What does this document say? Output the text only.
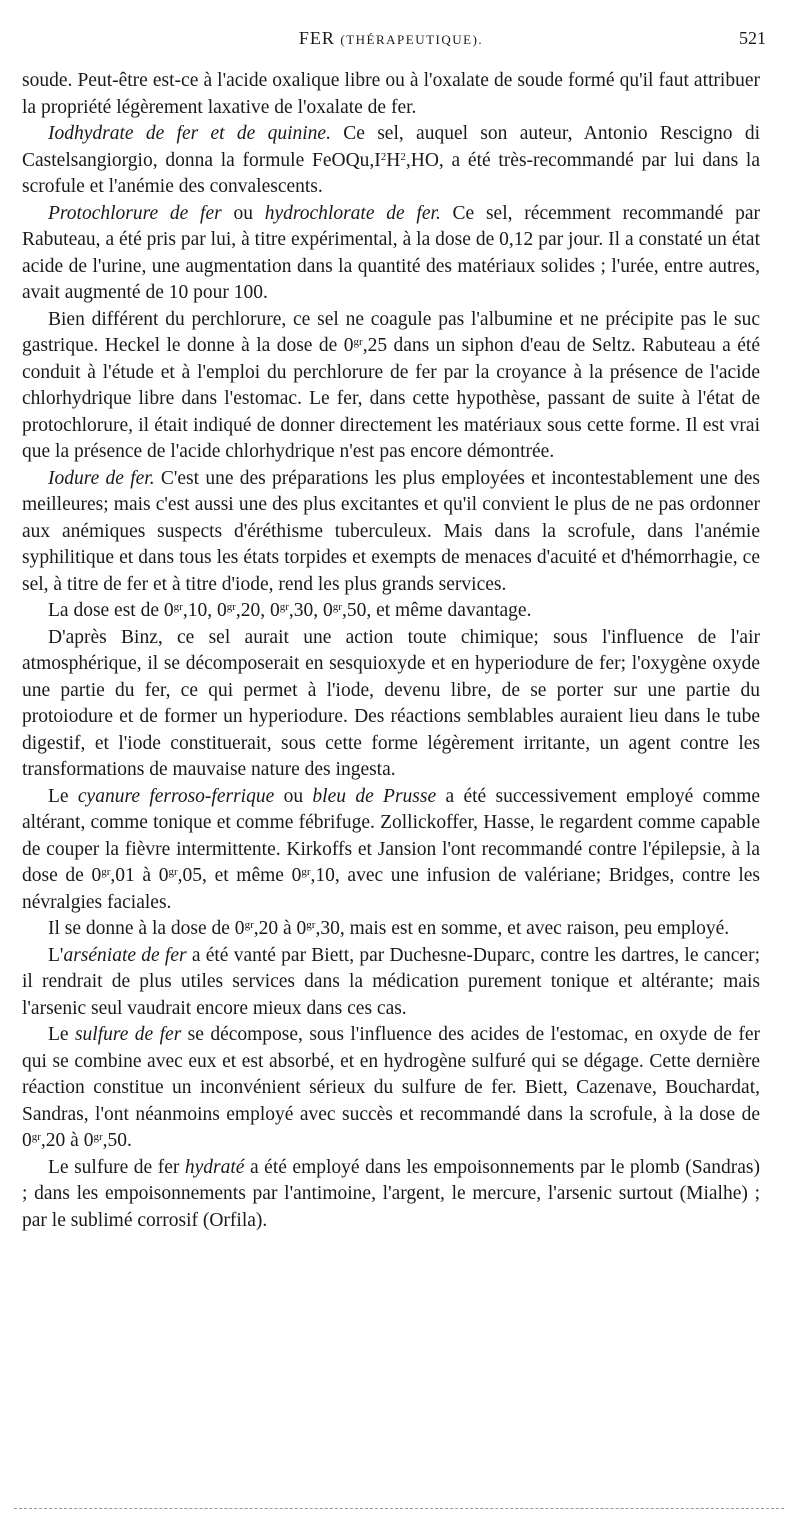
FER (THÉRAPEUTIQUE).	521

soude. Peut-être est-ce à l'acide oxalique libre ou à l'oxalate de soude formé qu'il faut attribuer la propriété légèrement laxative de l'oxalate de fer.

Iodhydrate de fer et de quinine. Ce sel, auquel son auteur, Antonio Rescigno di Castelsangiorgio, donna la formule $FeOQu,I^2H^2,HO$, a été très-recommandé par lui dans la scrofule et l'anémie des convalescents.

Protochlorure de fer ou hydrochlorate de fer. Ce sel, récemment recommandé par Rabuteau, a été pris par lui, à titre expérimental, à la dose de 0,12 par jour. Il a constaté un état acide de l'urine, une augmentation dans la quantité des matériaux solides ; l'urée, entre autres, avait augmenté de 10 pour 100.

Bien différent du perchlorure, ce sel ne coagule pas l'albumine et ne précipite pas le suc gastrique. Heckel le donne à la dose de $0^{gr},25$ dans un siphon d'eau de Seltz. Rabuteau a été conduit à l'étude et à l'emploi du perchlorure de fer par la croyance à la présence de l'acide chlorhydrique libre dans l'estomac. Le fer, dans cette hypothèse, passant de suite à l'état de protochlorure, il était indiqué de donner directement les matériaux sous cette forme. Il est vrai que la présence de l'acide chlorhydrique n'est pas encore démontrée.

Iodure de fer. C'est une des préparations les plus employées et incontestablement une des meilleures; mais c'est aussi une des plus excitantes et qu'il convient le plus de ne pas ordonner aux anémiques suspects d'éréthisme tuberculeux. Mais dans la scrofule, dans l'anémie syphilitique et dans tous les états torpides et exempts de menaces d'acuité et d'hémorrhagie, ce sel, à titre de fer et à titre d'iode, rend les plus grands services.

La dose est de $0^{gr},10$, $0^{gr},20$, $0^{gr},30$, $0^{gr},50$, et même davantage.

D'après Binz, ce sel aurait une action toute chimique; sous l'influence de l'air atmosphérique, il se décomposerait en sesquioxyde et en hyperiodure de fer; l'oxygène oxyde une partie du fer, ce qui permet à l'iode, devenu libre, de se porter sur une partie du protoiodure et de former un hyperiodure. Des réactions semblables auraient lieu dans le tube digestif, et l'iode constituerait, sous cette forme légèrement irritante, un agent contre les transformations de mauvaise nature des ingesta.

Le cyanure ferroso-ferrique ou bleu de Prusse a été successivement employé comme altérant, comme tonique et comme fébrifuge. Zollickoffer, Hasse, le regardent comme capable de couper la fièvre intermittente. Kirkoffs et Jansion l'ont recommandé contre l'épilepsie, à la dose de $0^{gr},01$ à $0^{gr},05$, et même $0^{gr},10$, avec une infusion de valériane; Bridges, contre les névralgies faciales.

Il se donne à la dose de $0^{gr},20$ à $0^{gr},30$, mais est en somme, et avec raison, peu employé.

L'arséniate de fer a été vanté par Biett, par Duchesne-Duparc, contre les dartres, le cancer; il rendrait de plus utiles services dans la médication purement tonique et altérante; mais l'arsenic seul vaudrait encore mieux dans ces cas.

Le sulfure de fer se décompose, sous l'influence des acides de l'estomac, en oxyde de fer qui se combine avec eux et est absorbé, et en hydrogène sulfuré qui se dégage. Cette dernière réaction constitue un inconvénient sérieux du sulfure de fer. Biett, Cazenave, Bouchardat, Sandras, l'ont néanmoins employé avec succès et recommandé dans la scrofule, à la dose de $0^{gr},20$ à $0^{gr},50$.

Le sulfure de fer hydraté a été employé dans les empoisonnements par le plomb (Sandras) ; dans les empoisonnements par l'antimoine, l'argent, le mercure, l'arsenic surtout (Mialhe) ; par le sublimé corrosif (Orfila).
